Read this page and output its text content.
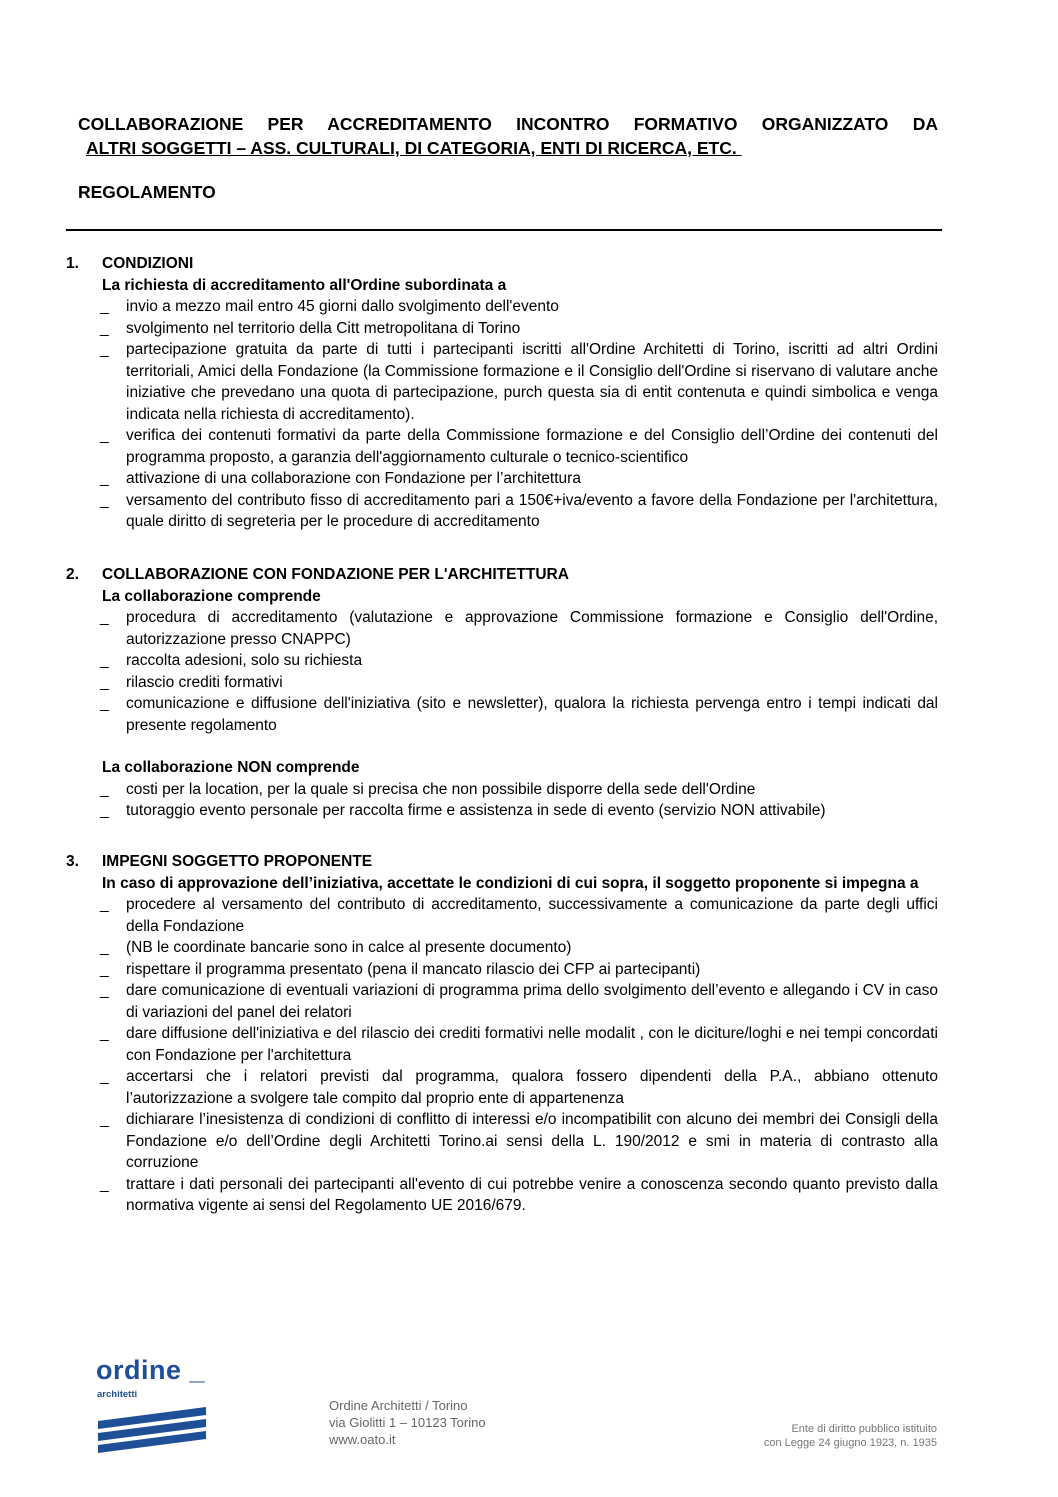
COLLABORAZIONE PER ACCREDITAMENTO INCONTRO FORMATIVO ORGANIZZATO DA
ALTRI SOGGETTI – ASS. CULTURALI, DI CATEGORIA, ENTI DI RICERCA, ETC.
REGOLAMENTO
1.	CONDIZIONI
La richiesta di accreditamento all'Ordine subordinata a
_ invio a mezzo mail entro 45 giorni dallo svolgimento dell'evento
_ svolgimento nel territorio della Citt metropolitana di Torino
_ partecipazione gratuita da parte di tutti i partecipanti iscritti all'Ordine Architetti di Torino, iscritti ad altri Ordini territoriali, Amici della Fondazione (la Commissione formazione e il Consiglio dell'Ordine si riservano di valutare anche iniziative che prevedano una quota di partecipazione, purch questa sia di entit contenuta e quindi simbolica e venga indicata nella richiesta di accreditamento).
_ verifica dei contenuti formativi da parte della Commissione formazione e del Consiglio dell’Ordine dei contenuti del programma proposto, a garanzia dell'aggiornamento culturale o tecnico-scientifico
_ attivazione di una collaborazione con Fondazione per l’architettura
_ versamento del contributo fisso di accreditamento pari a 150€+iva/evento a favore della Fondazione per l'architettura, quale diritto di segreteria per le procedure di accreditamento
2.	COLLABORAZIONE CON FONDAZIONE PER L'ARCHITETTURA
La collaborazione comprende
_ procedura di accreditamento (valutazione e approvazione Commissione formazione e Consiglio dell'Ordine, autorizzazione presso CNAPPC)
_ raccolta adesioni, solo su richiesta
_ rilascio crediti formativi
_ comunicazione e diffusione dell'iniziativa (sito e newsletter), qualora la richiesta pervenga entro i tempi indicati dal presente regolamento
La collaborazione NON comprende
_ costi per la location, per la quale si precisa che non possibile disporre della sede dell'Ordine
_ tutoraggio evento personale per raccolta firme e assistenza in sede di evento (servizio NON attivabile)
3.	IMPEGNI SOGGETTO PROPONENTE
In caso di approvazione dell’iniziativa, accettate le condizioni di cui sopra, il soggetto proponente si impegna a
_ procedere al versamento del contributo di accreditamento, successivamente a comunicazione da parte degli uffici della Fondazione
_ (NB le coordinate bancarie sono in calce al presente documento)
_ rispettare il programma presentato (pena il mancato rilascio dei CFP ai partecipanti)
_ dare comunicazione di eventuali variazioni di programma prima dello svolgimento dell’evento e allegando i CV in caso di variazioni del panel dei relatori
_ dare diffusione dell'iniziativa e del rilascio dei crediti formativi nelle modalit , con le diciture/loghi e nei tempi concordati con Fondazione per l'architettura
_ accertarsi che i relatori previsti dal programma, qualora fossero dipendenti della P.A., abbiano ottenuto l’autorizzazione a svolgere tale compito dal proprio ente di appartenenza
_ dichiarare l’inesistenza di condizioni di conflitto di interessi e/o incompatibilit con alcuno dei membri dei Consigli della Fondazione e/o dell’Ordine degli Architetti Torino.ai sensi della L. 190/2012 e smi in materia di contrasto alla corruzione
_ trattare i dati personali dei partecipanti all'evento di cui potrebbe venire a conoscenza secondo quanto previsto dalla normativa vigente ai sensi del Regolamento UE 2016/679.
ordine _
architetti
Ordine Architetti / Torino
via Giolitti 1 – 10123 Torino
www.oato.it
Ente di diritto pubblico istituito
con Legge 24 giugno 1923, n. 1935
